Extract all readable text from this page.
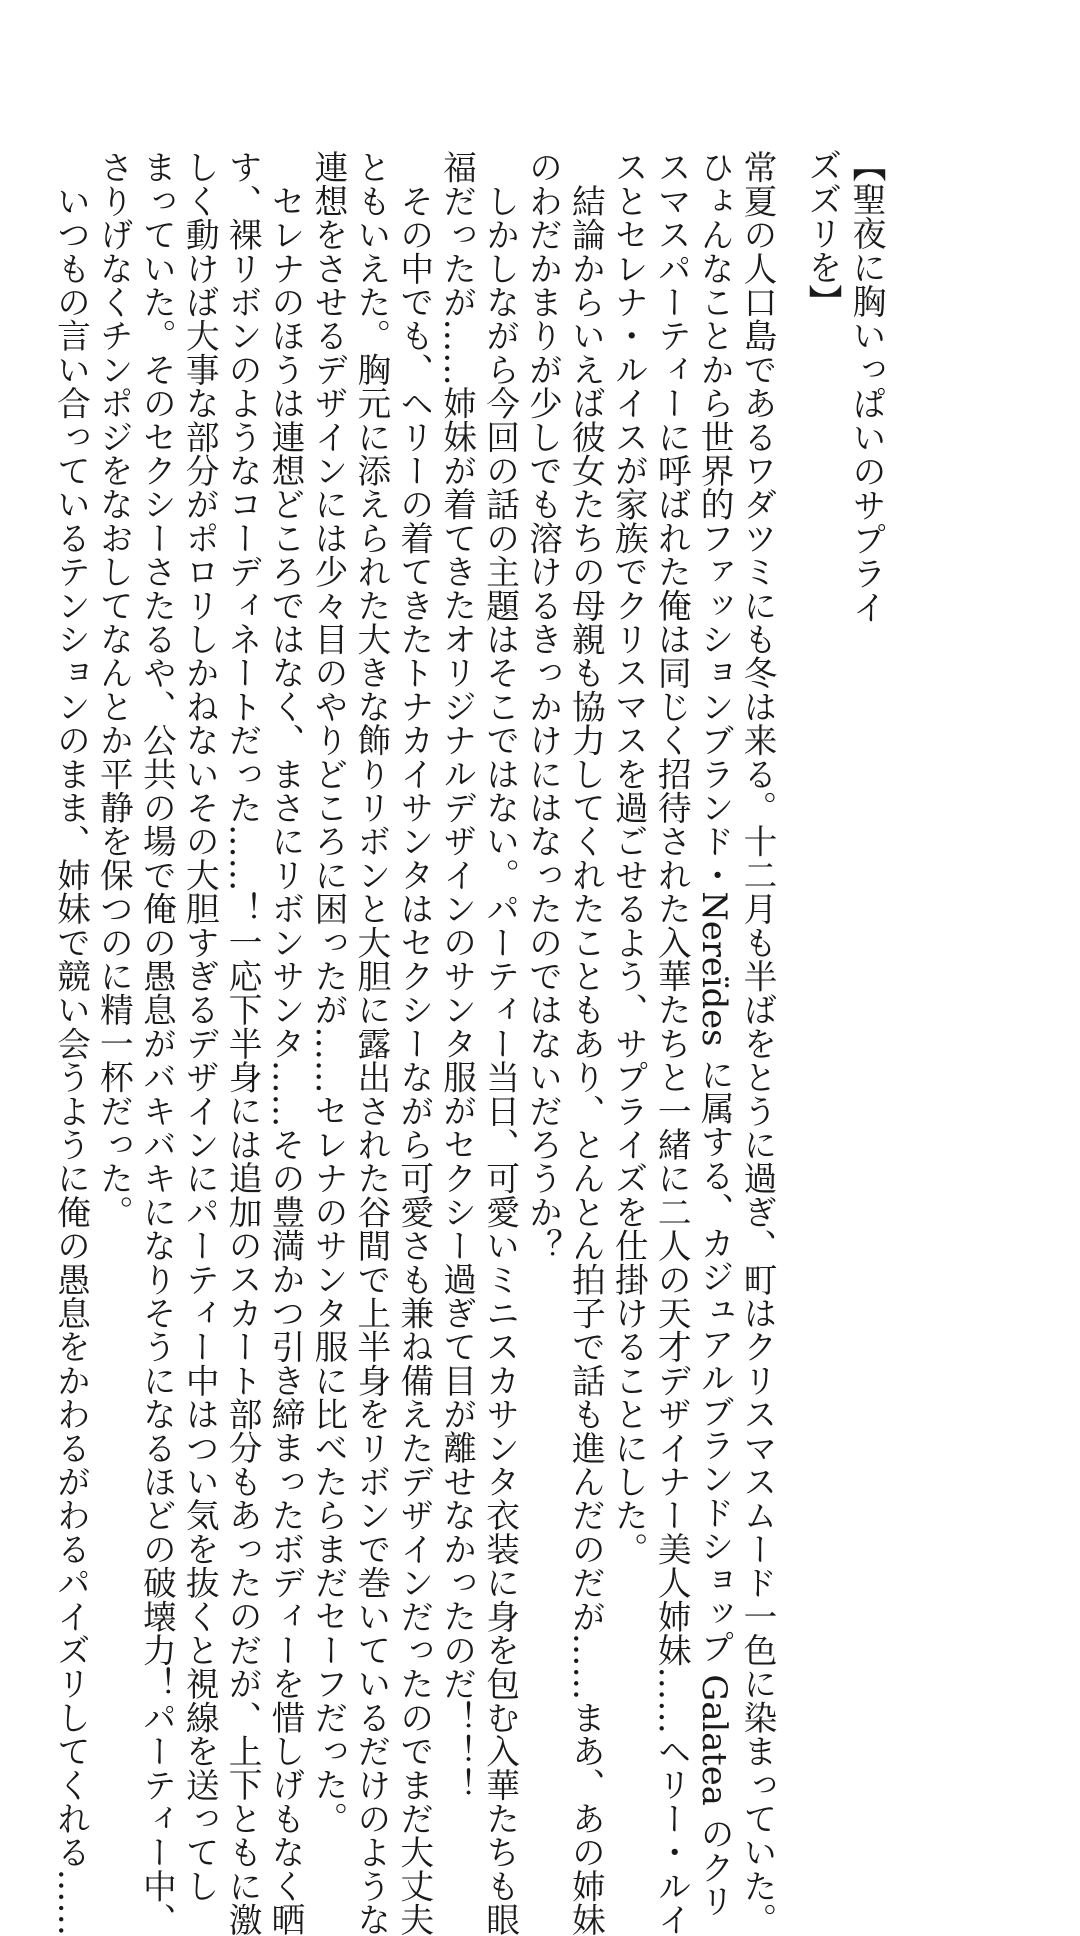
【聖夜に胸いっぱいのサプライズズリを】
常夏の人口島であるワダツミにも冬は来る。十二月も半ばをとうに過ぎ、町はクリスマスムード一色に染まっていた。
ひょんなことから世界的ファッションブランド・Nereïdes に属する、カジュアルブランドショップ Galatea のクリ
スマスパーティーに呼ばれた俺は同じく招待された入華たちと一緒に二人の天才デザイナー美人姉妹……ヘリー・ルイ
スとセレナ・ルイスが家族でクリスマスを過ごせるよう、サプライズを仕掛けることにした。
　結論からいえば彼女たちの母親も協力してくれたこともあり、とんとん拍子で話も進んだのだが……まあ、あの姉妹
のわだかまりが少しでも溶けるきっかけにはなったのではないだろうか？
　しかしながら今回の話の主題はそこではない。パーティー当日、可愛いミニスカサンタ衣装に身を包む入華たちも眼
福だったが……姉妹が着てきたオリジナルデザインのサンタ服がセクシー過ぎて目が離せなかったのだ！！！
　その中でも、ヘリーの着てきたトナカイサンタはセクシーながら可愛さも兼ね備えたデザインだったのでまだ大丈夫
ともいえた。胸元に添えられた大きな飾りリボンと大胆に露出された谷間で上半身をリボンで巻いているだけのような
連想をさせるデザインには少々目のやりどころに困ったが……セレナのサンタ服に比べたらまだセーフだった。
　セレナのほうは連想どころではなく、まさにリボンサンタ……その豊満かつ引き締まったボディーを惜しげもなく晒
す、裸リボンのようなコーディネートだった……！一応下半身には追加のスカート部分もあったのだが、上下ともに激
しく動けば大事な部分がポロリしかねないその大胆すぎるデザインにパーティー中はつい気を抜くと視線を送ってし
まっていた。そのセクシーさたるや、公共の場で俺の愚息がバキバキになりそうになるほどの破壊力！パーティー中、
さりげなくチンポジをなおしてなんとか平静を保つのに精一杯だった。
　いつもの言い合っているテンションのまま、姉妹で競い会うように俺の愚息をかわるがわるパイズリしてくれる……
